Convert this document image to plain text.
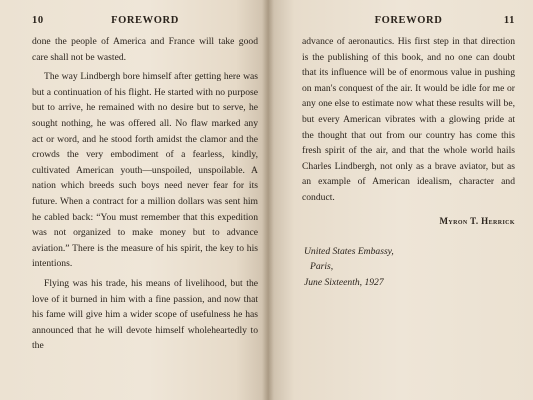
10	FOREWORD

done the people of America and France will take good care shall not be wasted.

The way Lindbergh bore himself after getting here was but a continuation of his flight. He started with no purpose but to arrive, he remained with no desire but to serve, he sought nothing, he was offered all. No flaw marked any act or word, and he stood forth amidst the clamor and the crowds the very embodiment of a fearless, kindly, cultivated American youth—unspoiled, unspoilable. A nation which breeds such boys need never fear for its future. When a contract for a million dollars was sent him he cabled back: “You must remember that this expedition was not organized to make money but to advance aviation.” There is the measure of his spirit, the key to his intentions.

Flying was his trade, his means of livelihood, but the love of it burned in him with a fine passion, and now that his fame will give him a wider scope of usefulness he has announced that he will devote himself wholeheartedly to the

FOREWORD	11

advance of aeronautics. His first step in that direction is the publishing of this book, and no one can doubt that its influence will be of enormous value in pushing on man's conquest of the air. It would be idle for me or any one else to estimate now what these results will be, but every American vibrates with a glowing pride at the thought that out from our country has come this fresh spirit of the air, and that the whole world hails Charles Lindbergh, not only as a brave aviator, but as an example of American idealism, character and conduct.

Myron T. Herrick
United States Embassy,
Paris,
June Sixteenth, 1927
